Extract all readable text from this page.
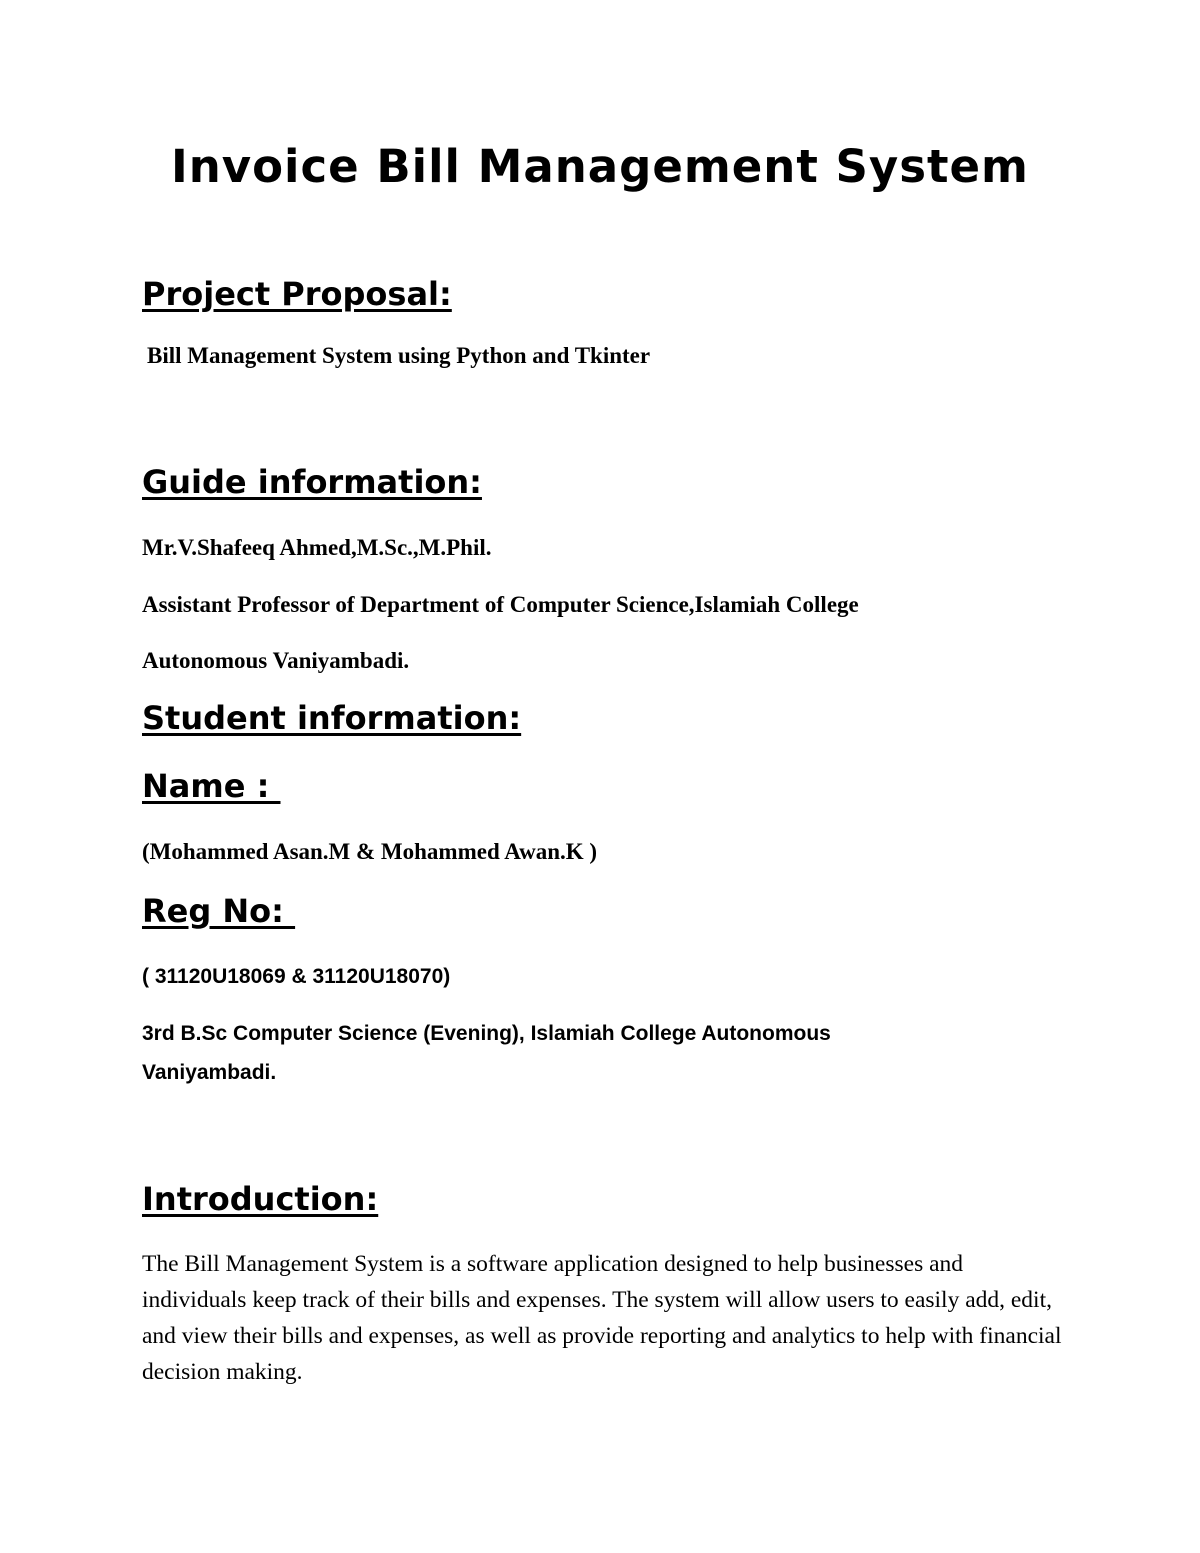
Invoice Bill Management System
Project Proposal:
Bill Management System using Python and Tkinter
Guide information:
Mr.V.Shafeeq Ahmed,M.Sc.,M.Phil.
Assistant Professor of Department of Computer Science,Islamiah College
Autonomous Vaniyambadi.
Student information:
Name :
(Mohammed Asan.M & Mohammed Awan.K )
Reg No:
( 31120U18069 & 31120U18070)
3rd B.Sc Computer Science (Evening), Islamiah College Autonomous
Vaniyambadi.
Introduction:
The Bill Management System is a software application designed to help businesses and individuals keep track of their bills and expenses. The system will allow users to easily add, edit, and view their bills and expenses, as well as provide reporting and analytics to help with financial decision making.
